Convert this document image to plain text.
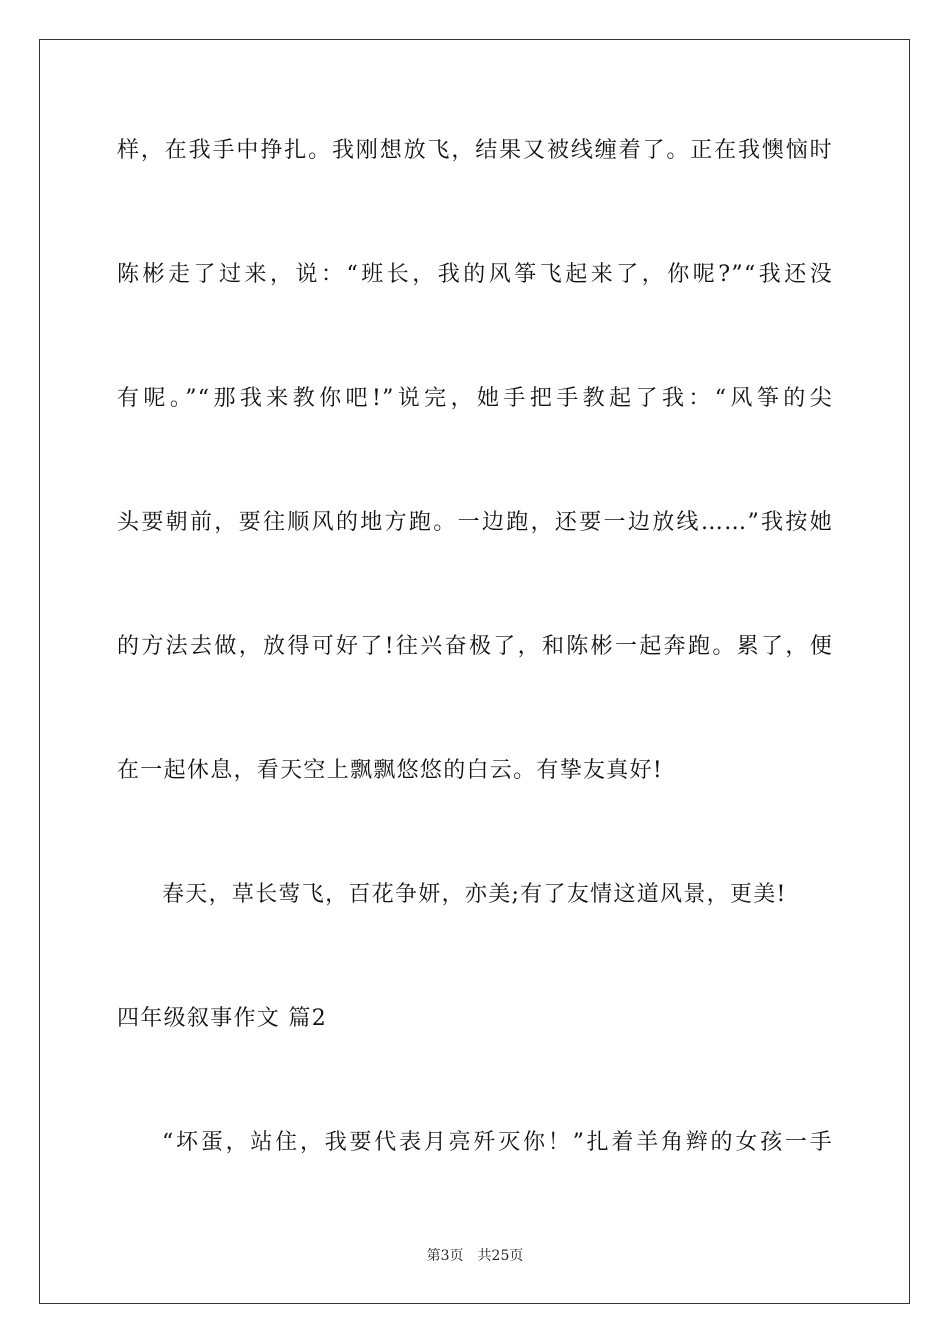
样，在我手中挣扎。我刚想放飞，结果又被线缠着了。正在我懊恼时
陈彬走了过来，说：“班长，我的风筝飞起来了，你呢?”“我还没
有呢。”“那我来教你吧!”说完，她手把手教起了我：“风筝的尖
头要朝前，要往顺风的地方跑。一边跑，还要一边放线……”我按她
的方法去做，放得可好了!往兴奋极了，和陈彬一起奔跑。累了，便
在一起休息，看天空上飘飘悠悠的白云。有挚友真好!
春天，草长莺飞，百花争妍，亦美;有了友情这道风景，更美!
四年级叙事作文 篇2
“坏蛋，站住，我要代表月亮歼灭你！”扎着羊角辫的女孩一手
第3页 共25页
